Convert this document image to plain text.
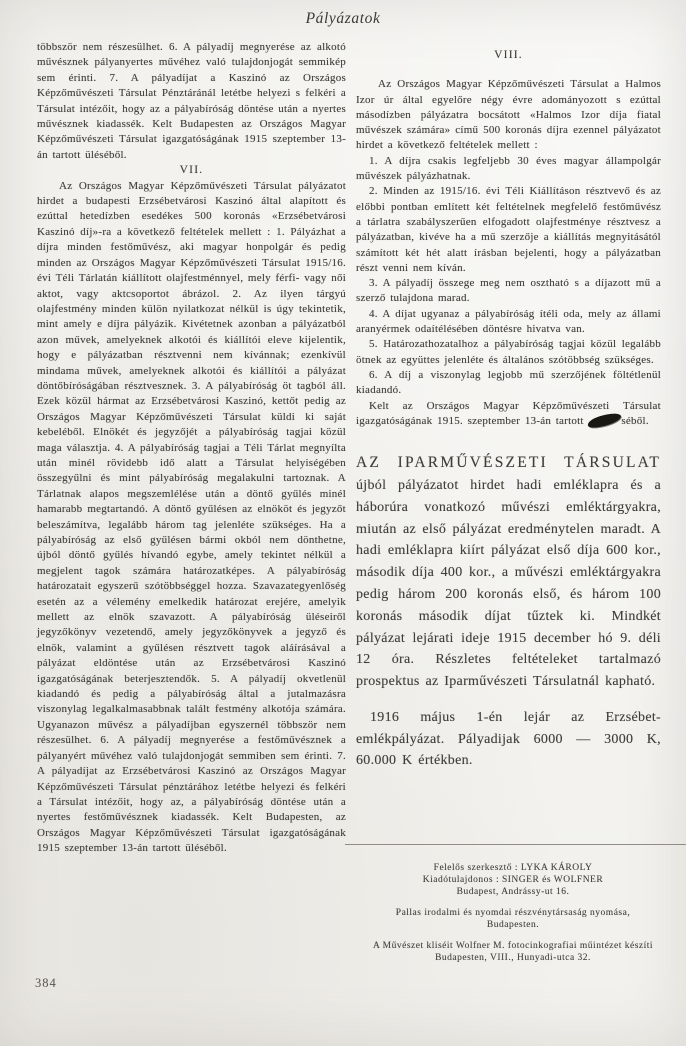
Pályázatok

többször nem részesülhet. 6. A pályadíj megnyerése az alkotó művésznek pályanyertes művéhez való tulajdonjogát semmikép sem érinti. 7. A pályadíjat a Kaszinó az Országos Képzőművészeti Társulat Pénztáránál letétbe helyezi s felkéri a Társulat intézőit, hogy az a pályabíróság döntése után a nyertes művésznek kiadassék. Kelt Budapesten az Országos Magyar Képzőművészeti Társulat igazgatóságának 1915 szeptember 13-án tartott üléséből.

VII.

Az Országos Magyar Képzőművészeti Társulat pályázatot hirdet a budapesti Erzsébetvárosi Kaszinó által alapított és ezúttal hetedízben esedékes 500 koronás «Erzsébetvárosi Kaszinó díj»-ra a következő feltételek mellett : 1. Pályázhat a díjra minden festőművész, aki magyar honpolgár és pedig minden az Országos Magyar Képzőművészeti Társulat 1915/16. évi Téli Tárlatán kiállított olajfestménnyel, mely férfi- vagy női aktot, vagy aktcsoportot ábrázol. 2. Az ilyen tárgyú olajfestmény minden külön nyilatkozat nélkül is úgy tekintetik, mint amely e díjra pályázik. Kivétetnek azonban a pályázatból azon művek, amelyeknek alkotói és kiállítói eleve kijelentik, hogy e pályázatban résztvenni nem kívánnak; ezenkívül mindama művek, amelyeknek alkotói és kiállítói a pályázat döntőbíróságában résztvesznek. 3. A pályabíróság öt tagból áll. Ezek közül hármat az Erzsébetvárosi Kaszinó, kettőt pedig az Országos Magyar Képzőművészeti Társulat küldi ki saját kebeléből. Elnökét és jegyzőjét a pályabíróság tagjai közül maga választja. 4. A pályabíróság tagjai a Téli Tárlat megnyílta után minél rövidebb idő alatt a Társulat helyiségében összegyűlni és mint pályabíróság megalakulni tartoznak. A Tárlatnak alapos megszemlélése után a döntő gyűlés minél hamarabb megtartandó. A döntő gyűlésen az elnököt és jegyzőt beleszámítva, legalább három tag jelenléte szükséges. Ha a pályabíróság az első gyűlésen bármi okból nem dönthetne, újból döntő gyűlés hívandó egybe, amely tekintet nélkül a megjelent tagok számára határozatképes. A pályabíróság határozatait egyszerű szótöbbséggel hozza. Szavazategyenlőség esetén az a vélemény emelkedik határozat erejére, amelyik mellett az elnök szavazott. A pályabíróság üléseiről jegyzőkönyv vezetendő, amely jegyzőkönyvek a jegyző és elnök, valamint a gyűlésen résztvett tagok aláírásával a pályázat eldöntése után az Erzsébetvárosi Kaszinó igazgatóságának beterjesztendők. 5. A pályadíj okvetlenül kiadandó és pedig a pályabíróság által a jutalmazásra viszonylag legalkalmasabbnak talált festmény alkotója számára. Ugyanazon művész a pályadíjban egyszernél többször nem részesülhet. 6. A pályadíj megnyerése a festőművésznek a pályanyért művéhez való tulajdonjogát semmiben sem érinti. 7. A pályadíjat az Erzsébetvárosi Kaszinó az Országos Magyar Képzőművészeti Társulat pénztárához letétbe helyezi és felkéri a Társulat intézőit, hogy az, a pályabíróság döntése után a nyertes festőművésznek kiadassék. Kelt Budapesten, az Országos Magyar Képzőművészeti Társulat igazgatóságának 1915 szeptember 13-án tartott üléséből.

VIII.

Az Országos Magyar Képzőművészeti Társulat a Halmos Izor úr által egyelőre négy évre adományozott s ezúttal másodízben pályázatra bocsátott «Halmos Izor díja fiatal művészek számára» című 500 koronás díjra ezennel pályázatot hirdet a következő feltételek mellett :

1. A díjra csakis legfeljebb 30 éves magyar állampolgár művészek pályázhatnak.

2. Minden az 1915/16. évi Téli Kiállításon résztvevő és az előbbi pontban említett két feltételnek megfelelő festőművész a tárlatra szabályszerűen elfogadott olajfestménye résztvesz a pályázatban, kivéve ha a mű szerzője a kiállítás megnyitásától számított két hét alatt írásban bejelenti, hogy a pályázatban részt venni nem kíván.

3. A pályadíj összege meg nem osztható s a díjazott mű a szerző tulajdona marad.

4. A díjat ugyanaz a pályabíróság ítéli oda, mely az állami aranyérmek odaítélésében döntésre hivatva van.

5. Határozathozatalhoz a pályabíróság tagjai közül legalább ötnek az együttes jelenléte és általános szótöbbség szükséges.

6. A díj a viszonylag legjobb mű szerzőjének föltétlenül kiadandó.

Kelt az Országos Magyar Képzőművészeti Társulat igazgatóságának 1915. szeptember 13-án tartott	séből.

AZ IPARMŰVÉSZETI TÁRSULAT újból pályázatot hirdet hadi emléklapra és a háborúra vonatkozó művészi emléktárgyakra, miután az első pályázat eredménytelen maradt. A hadi emléklapra kiírt pályázat első díja 600 kor., második díja 400 kor., a művészi emléktárgyakra pedig három 200 koronás első, és három 100 koronás második díjat tűztek ki. Mindkét pályázat lejárati ideje 1915 december hó 9. déli 12 óra. Részletes feltételeket tartalmazó prospektus az Iparművészeti Társulatnál kapható.

1916 május 1-én lejár az Erzsébet-emlékpályázat. Pályadijak 6000 — 3000 K, 60.000 K értékben.

Felelős szerkesztő : LYKA KÁROLY

Kiadótulajdonos : SINGER és WOLFNER

Budapest, Andrássy-ut 16.

Pallas irodalmi és nyomdai részvénytársaság nyomása,

Budapesten.

A Művészet kliséit Wolfner M. fotocinkografiai műintézet készíti

Budapesten, VIII., Hunyadi-utca 32.

384
